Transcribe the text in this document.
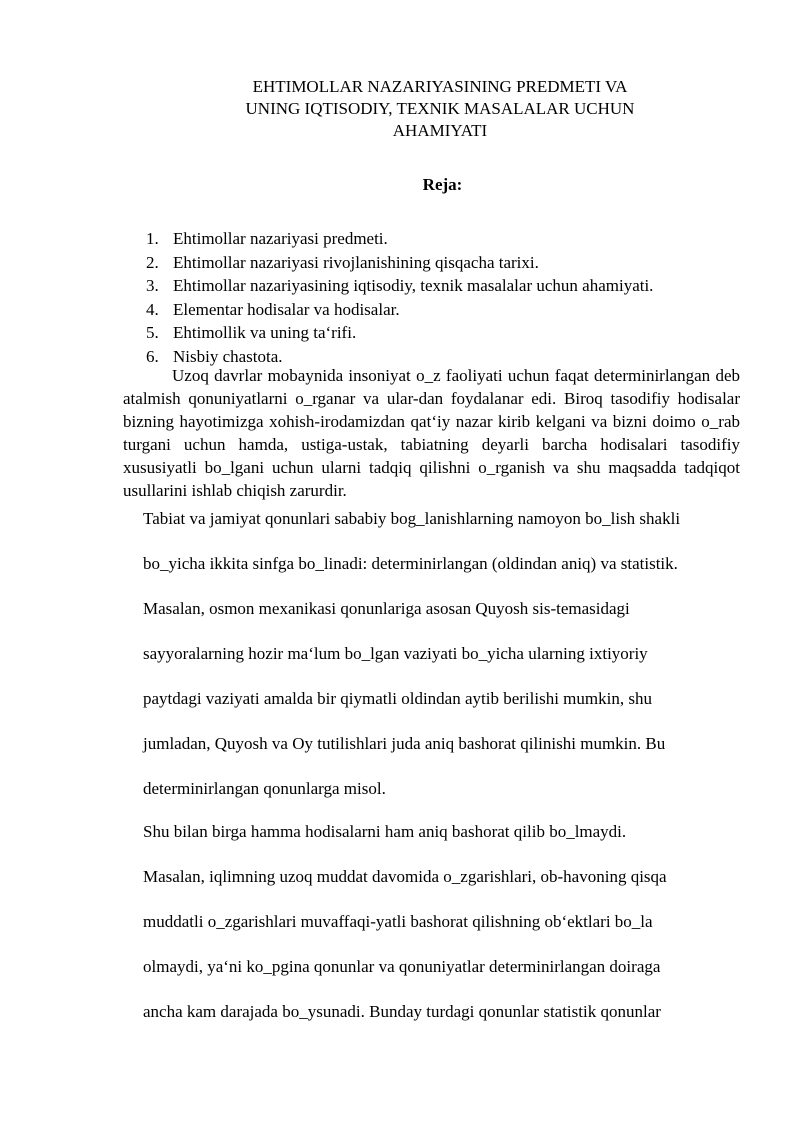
EHTIMOLLAR NAZARIYASINING PREDMETI VA
UNING IQTISODIY, TEXNIK MASALALAR UCHUN
AHAMIYATI
Reja:
1. Ehtimollar nazariyasi predmeti.
2. Ehtimollar nazariyasi rivojlanishining qisqacha tarixi.
3. Ehtimollar nazariyasining iqtisodiy, texnik masalalar uchun ahamiyati.
4. Elementar hodisalar va hodisalar.
5. Ehtimollik va uning ta‘rifi.
6. Nisbiy chastota.

Uzoq davrlar mobaynida insoniyat o_z faoliyati uchun faqat determinirlangan deb atalmish qonuniyatlarni o_rganar va ular-dan foydalanar edi. Biroq tasodifiy hodisalar bizning hayotimizga xohish-irodamizdan qat‘iy nazar kirib kelgani va bizni doimo o_rab turgani uchun hamda, ustiga-ustak, tabiatning deyarli barcha hodisalari tasodifiy xususiyatli bo_lgani uchun ularni tadqiq qilishni o_rganish va shu maqsadda tadqiqot usullarini ishlab chiqish zarurdir.

Tabiat va jamiyat qonunlari sababiy bog_lanishlarning namoyon bo_lish shakli
bo_yicha ikkita sinfga bo_linadi: determinirlangan (oldindan aniq) va statistik.
Masalan, osmon mexanikasi qonunlariga asosan Quyosh sis-temasidagi
sayyoralarning hozir ma‘lum bo_lgan vaziyati bo_yicha ularning ixtiyoriy
paytdagi vaziyati amalda bir qiymatli oldindan aytib berilishi mumkin, shu
jumladan, Quyosh va Oy tutilishlari juda aniq bashorat qilinishi mumkin. Bu
determinirlangan qonunlarga misol.
Shu bilan birga hamma hodisalarni ham aniq bashorat qilib bo_lmaydi.
Masalan, iqlimning uzoq muddat davomida o_zgarishlari, ob-havoning qisqa
muddatli o_zgarishlari muvaffaqi-yatli bashorat qilishning ob‘ektlari bo_la
olmaydi, ya‘ni ko_pgina qonunlar va qonuniyatlar determinirlangan doiraga
ancha kam darajada bo_ysunadi. Bunday turdagi qonunlar statistik qonunlar
